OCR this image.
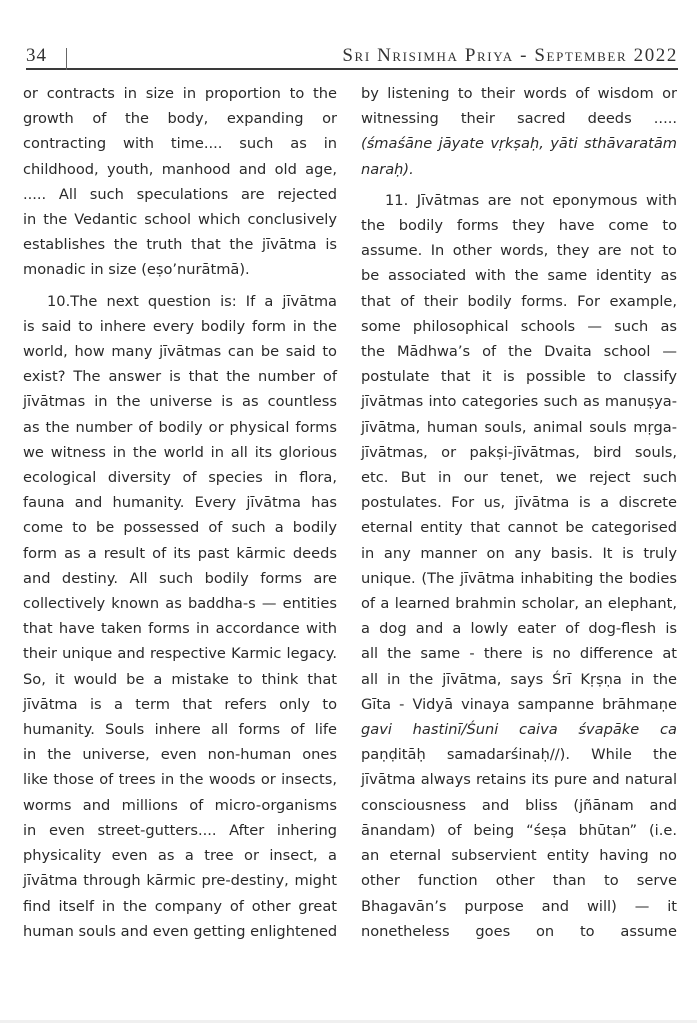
34	Sri Nrisimha Priya - September 2022

or contracts in size in proportion to the
growth of the body, expanding or
contracting with time.... such as in
childhood, youth, manhood and old age,
..... All such speculations are rejected
in the Vedantic school which conclusively
establishes the truth that the jīvātma is
monadic in size (eṣo’nurātmā).

10.The next question is: If a jīvātma
is said to inhere every bodily form in the
world, how many jīvātmas can be said to
exist? The answer is that the number of
jīvātmas in the universe is as countless
as the number of bodily or physical forms
we witness in the world in all its glorious
ecological diversity of species in flora,
fauna and humanity. Every jīvātma has
come to be possessed of such a bodily
form as a result of its past kārmic deeds
and destiny. All such bodily forms are
collectively known as baddha-s — entities
that have taken forms in accordance with
their unique and respective Karmic legacy.
So, it would be a mistake to think that
jīvātma is a term that refers only to
humanity. Souls inhere all forms of life
in the universe, even non-human ones
like those of trees in the woods or insects,
worms and millions of micro-organisms
in even street-gutters.... After inhering
physicality even as a tree or insect, a
jīvātma through kārmic pre-destiny, might
find itself in the company of other great
human souls and even getting enlightened

by listening to their words of wisdom or
witnessing their sacred deeds .....
(śmaśāne jāyate vṛkṣaḥ, yāti sthāvaratām
naraḥ).

11. Jīvātmas are not eponymous with
the bodily forms they have come to
assume. In other words, they are not to
be associated with the same identity as
that of their bodily forms. For example,
some philosophical schools — such as
the Mādhwa’s of the Dvaita school —
postulate that it is possible to classify
jīvātmas into categories such as manuṣya-
jīvātma, human souls, animal souls mṛga-
jīvātmas, or pakṣi-jīvātmas, bird souls,
etc. But in our tenet, we reject such
postulates. For us, jīvātma is a discrete
eternal entity that cannot be categorised
in any manner on any basis. It is truly
unique. (The jīvātma inhabiting the bodies
of a learned brahmin scholar, an elephant,
a dog and a lowly eater of dog-flesh is
all the same - there is no difference at
all in the jīvātma, says Śrī Kṛṣṇa in the
Gīta - Vidyā vinaya sampanne brāhmaṇe
gavi hastinī/Śuni caiva śvapāke ca
paṇḍitāḥ samadarśinaḥ//). While the
jīvātma always retains its pure and natural
consciousness and bliss (jñānam and
ānandam) of being “śeṣa bhūtan” (i.e.
an eternal subservient entity having no
other function other than to serve
Bhagavān’s purpose and will) — it
nonetheless goes on to assume
